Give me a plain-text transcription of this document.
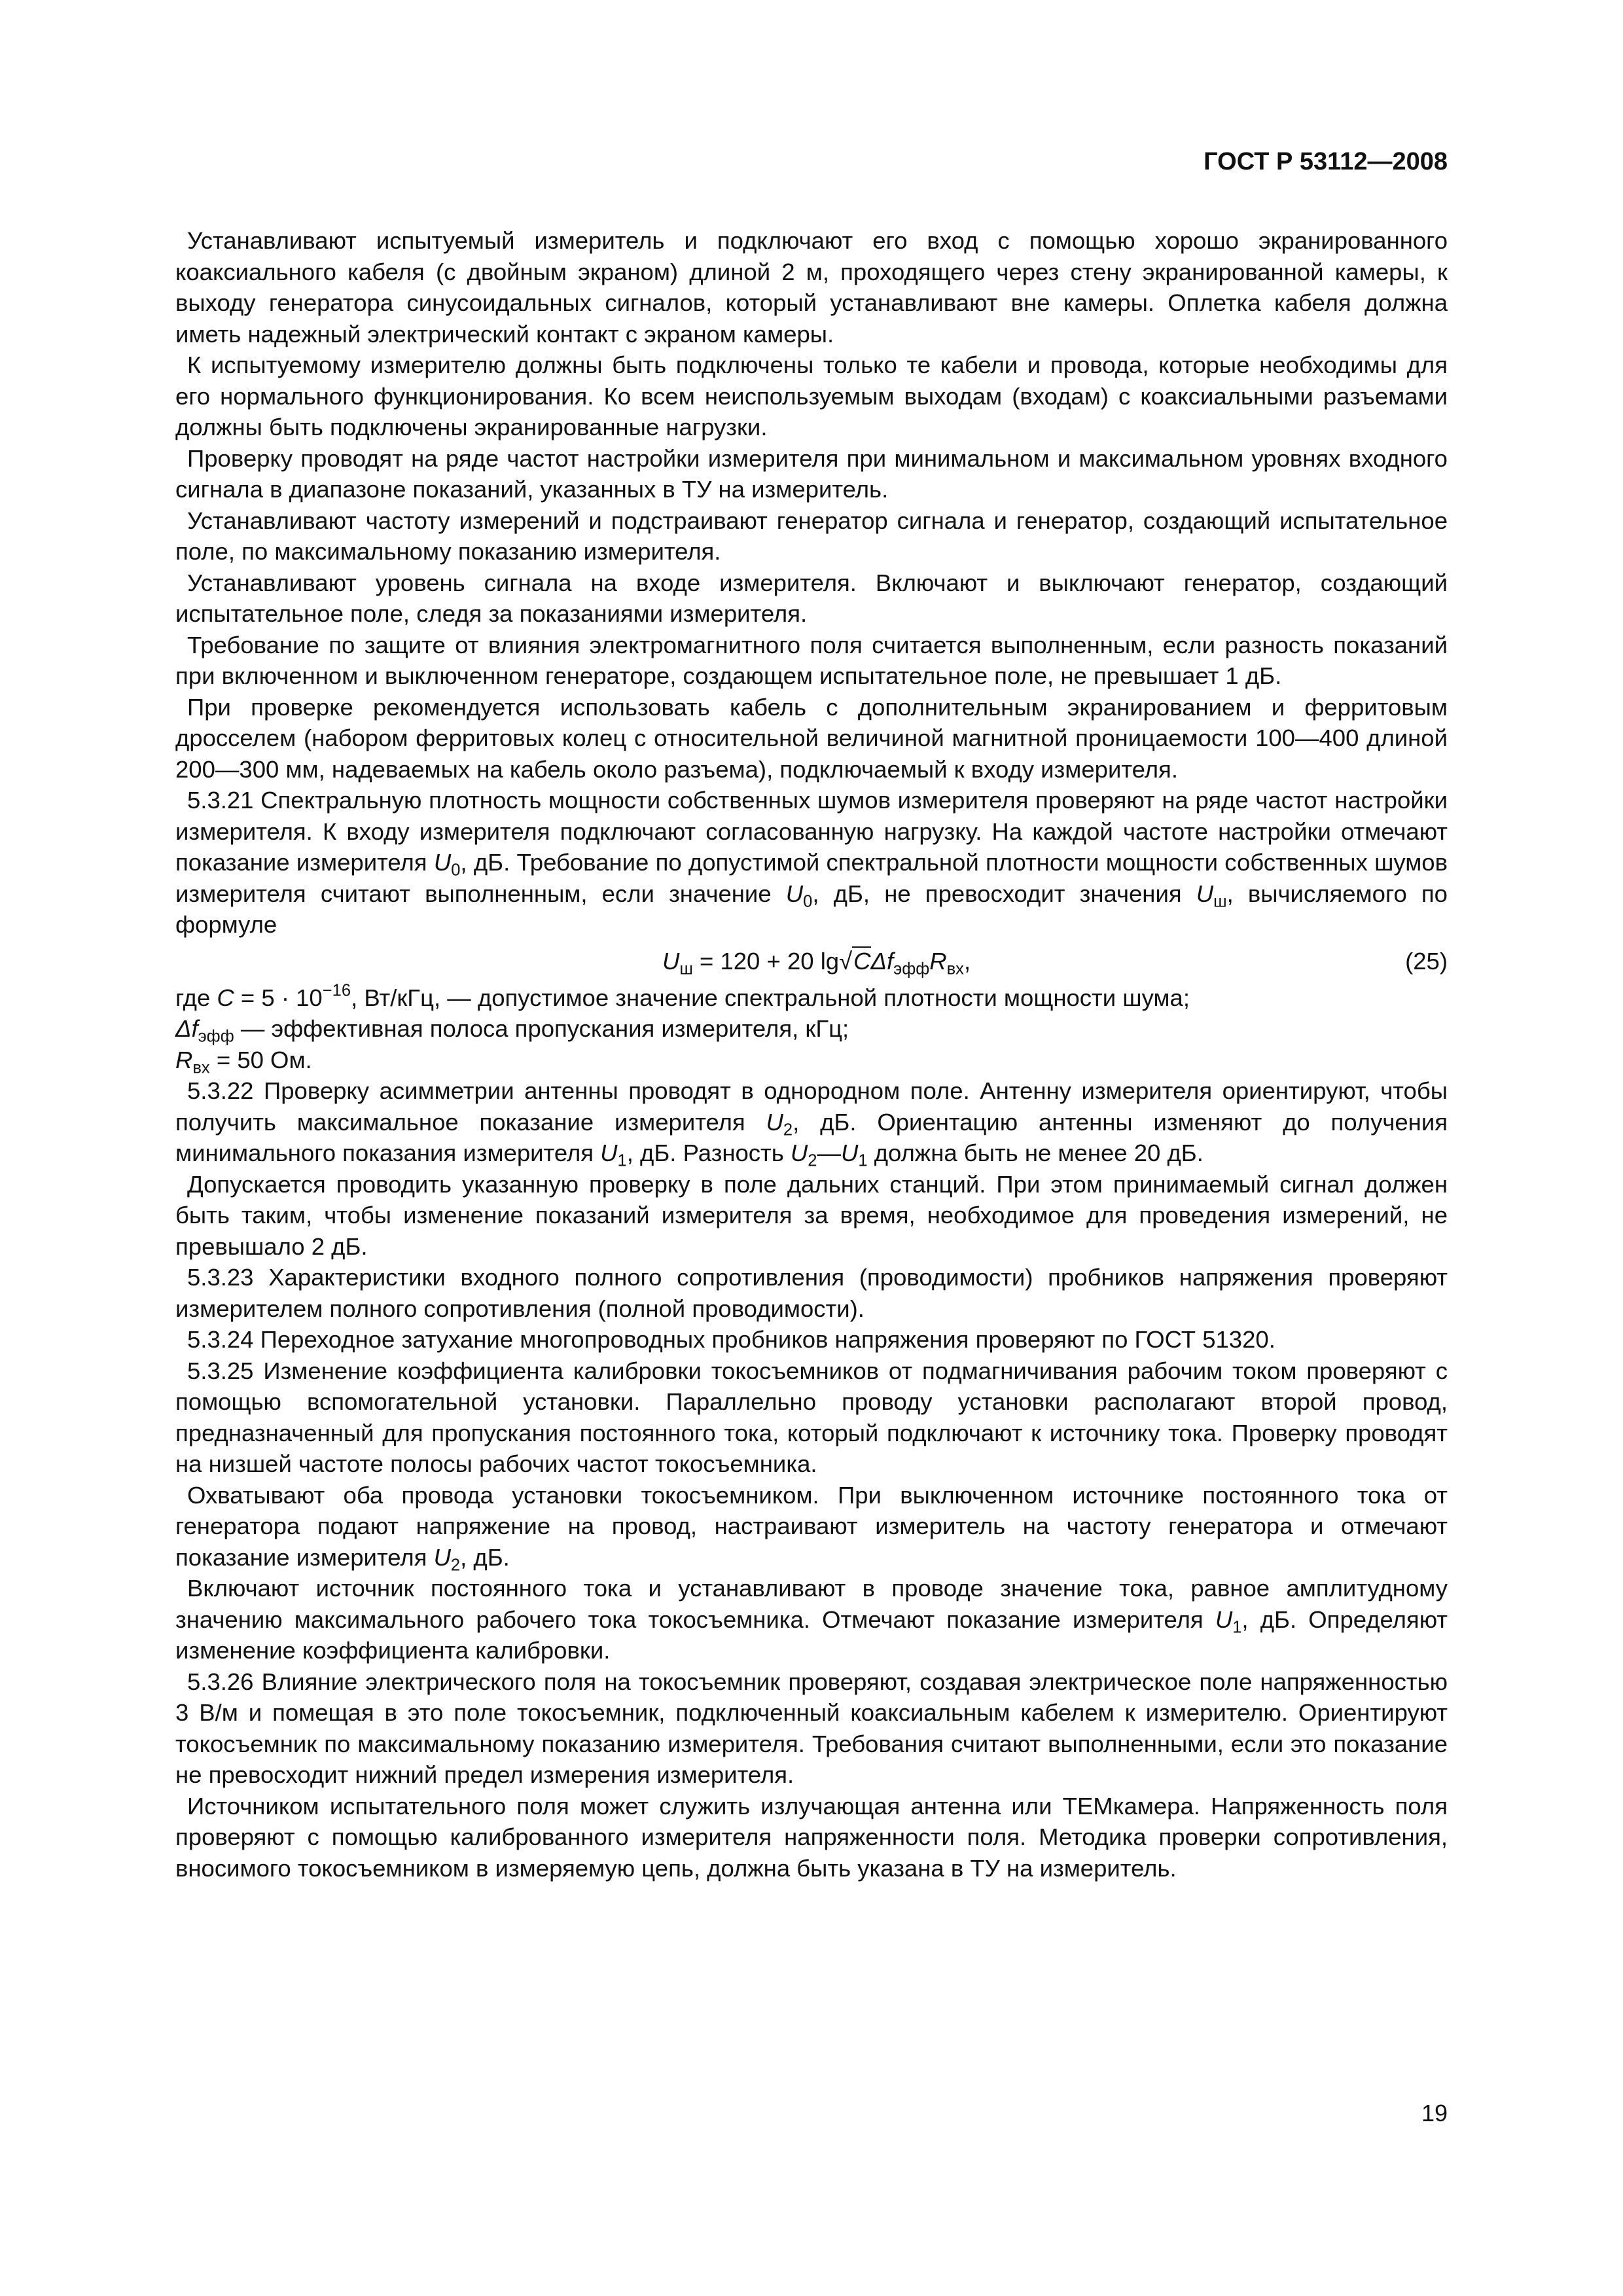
ГОСТ Р 53112—2008

Устанавливают испытуемый измеритель и подключают его вход с помощью хорошо экранированного коаксиального кабеля (с двойным экраном) длиной 2 м, проходящего через стену экранированной камеры, к выходу генератора синусоидальных сигналов, который устанавливают вне камеры. Оплетка кабеля должна иметь надежный электрический контакт с экраном камеры.

К испытуемому измерителю должны быть подключены только те кабели и провода, которые необходимы для его нормального функционирования. Ко всем неиспользуемым выходам (входам) с коаксиальными разъемами должны быть подключены экранированные нагрузки.

Проверку проводят на ряде частот настройки измерителя при минимальном и максимальном уровнях входного сигнала в диапазоне показаний, указанных в ТУ на измеритель.

Устанавливают частоту измерений и подстраивают генератор сигнала и генератор, создающий испытательное поле, по максимальному показанию измерителя.

Устанавливают уровень сигнала на входе измерителя. Включают и выключают генератор, создающий испытательное поле, следя за показаниями измерителя.

Требование по защите от влияния электромагнитного поля считается выполненным, если разность показаний при включенном и выключенном генераторе, создающем испытательное поле, не превышает 1 дБ.

При проверке рекомендуется использовать кабель с дополнительным экранированием и ферритовым дросселем (набором ферритовых колец с относительной величиной магнитной проницаемости 100—400 длиной 200—300 мм, надеваемых на кабель около разъема), подключаемый к входу измерителя.

5.3.21 Спектральную плотность мощности собственных шумов измерителя проверяют на ряде частот настройки измерителя. К входу измерителя подключают согласованную нагрузку. На каждой частоте настройки отмечают показание измерителя $U_0$, дБ. Требование по допустимой спектральной плотности мощности собственных шумов измерителя считают выполненным, если значение $U_0$, дБ, не превосходит значения $U_ш$, вычисляемого по формуле

$U_ш = 120 + 20$ $\lg√C\Delta f_{эфф}R_{вх}$,	(25)

где $C = 5 \cdot 10^{-16}$, Вт/кГц, — допустимое значение спектральной плотности мощности шума;

$\Delta f_{эфф}$ — эффективная полоса пропускания измерителя, кГц;

$R_{вх} = 50$ Ом.

5.3.22 Проверку асимметрии антенны проводят в однородном поле. Антенну измерителя ориентируют, чтобы получить максимальное показание измерителя $U_2$, дБ. Ориентацию антенны изменяют до получения минимального показания измерителя $U_1$, дБ. Разность $U_2—U_1$ должна быть не менее 20 дБ.

Допускается проводить указанную проверку в поле дальних станций. При этом принимаемый сигнал должен быть таким, чтобы изменение показаний измерителя за время, необходимое для проведения измерений, не превышало 2 дБ.

5.3.23 Характеристики входного полного сопротивления (проводимости) пробников напряжения проверяют измерителем полного сопротивления (полной проводимости).

5.3.24 Переходное затухание многопроводных пробников напряжения проверяют по ГОСТ 51320.

5.3.25 Изменение коэффициента калибровки токосъемников от подмагничивания рабочим током проверяют с помощью вспомогательной установки. Параллельно проводу установки располагают второй провод, предназначенный для пропускания постоянного тока, который подключают к источнику тока. Проверку проводят на низшей частоте полосы рабочих частот токосъемника.

Охватывают оба провода установки токосъемником. При выключенном источнике постоянного тока от генератора подают напряжение на провод, настраивают измеритель на частоту генератора и отмечают показание измерителя $U_2$, дБ.

Включают источник постоянного тока и устанавливают в проводе значение тока, равное амплитудному значению максимального рабочего тока токосъемника. Отмечают показание измерителя $U_1$, дБ. Определяют изменение коэффициента калибровки.

5.3.26 Влияние электрического поля на токосъемник проверяют, создавая электрическое поле напряженностью 3 В/м и помещая в это поле токосъемник, подключенный коаксиальным кабелем к измерителю. Ориентируют токосъемник по максимальному показанию измерителя. Требования считают выполненными, если это показание не превосходит нижний предел измерения измерителя.

Источником испытательного поля может служить излучающая антенна или ТЕМкамера. Напряженность поля проверяют с помощью калиброванного измерителя напряженности поля. Методика проверки сопротивления, вносимого токосъемником в измеряемую цепь, должна быть указана в ТУ на измеритель.

19
